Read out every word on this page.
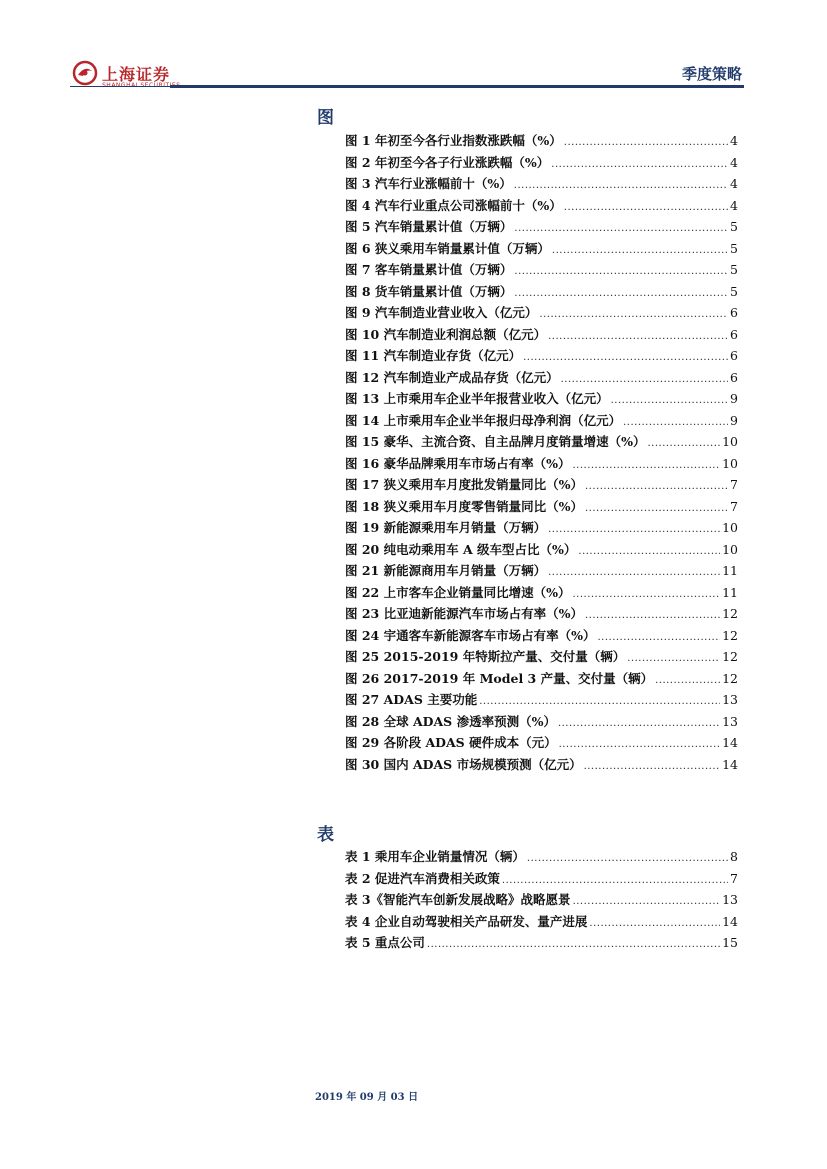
上海证券	季度策略
图
图 1 年初至今各行业指数涨跌幅（%） .....	4
图 2 年初至今各子行业涨跌幅（%） .....	4
图 3 汽车行业涨幅前十（%） .....	4
图 4 汽车行业重点公司涨幅前十（%） .....	4
图 5 汽车销量累计值（万辆） .....	5
图 6 狭义乘用车销量累计值（万辆） .....	5
图 7 客车销量累计值（万辆） .....	5
图 8 货车销量累计值（万辆） .....	5
图 9 汽车制造业营业收入（亿元） .....	6
图 10 汽车制造业利润总额（亿元） .....	6
图 11 汽车制造业存货（亿元） .....	6
图 12 汽车制造业产成品存货（亿元） .....	6
图 13 上市乘用车企业半年报营业收入（亿元） .....	9
图 14 上市乘用车企业半年报归母净利润（亿元） .....	9
图 15 豪华、主流合资、自主品牌月度销量增速（%） .....	10
图 16 豪华品牌乘用车市场占有率（%） .....	10
图 17 狭义乘用车月度批发销量同比（%） .....	7
图 18 狭义乘用车月度零售销量同比（%） .....	7
图 19 新能源乘用车月销量（万辆） .....	10
图 20 纯电动乘用车 A 级车型占比（%） .....	10
图 21 新能源商用车月销量（万辆） .....	11
图 22 上市客车企业销量同比增速（%） .....	11
图 23 比亚迪新能源汽车市场占有率（%） .....	12
图 24 宇通客车新能源客车市场占有率（%） .....	12
图 25 2015-2019 年特斯拉产量、交付量（辆） .....	12
图 26 2017-2019 年 Model 3 产量、交付量（辆） .....	12
图 27 ADAS 主要功能 .....	13
图 28 全球 ADAS 渗透率预测（%） .....	13
图 29 各阶段 ADAS 硬件成本（元） .....	14
图 30 国内 ADAS 市场规模预测（亿元） .....	14
表
表 1 乘用车企业销量情况（辆） .....	8
表 2 促进汽车消费相关政策 .....	7
表 3《智能汽车创新发展战略》战略愿景 .....	13
表 4 企业自动驾驶相关产品研发、量产进展 .....	14
表 5 重点公司 .....	15
2019 年 09 月 03 日
